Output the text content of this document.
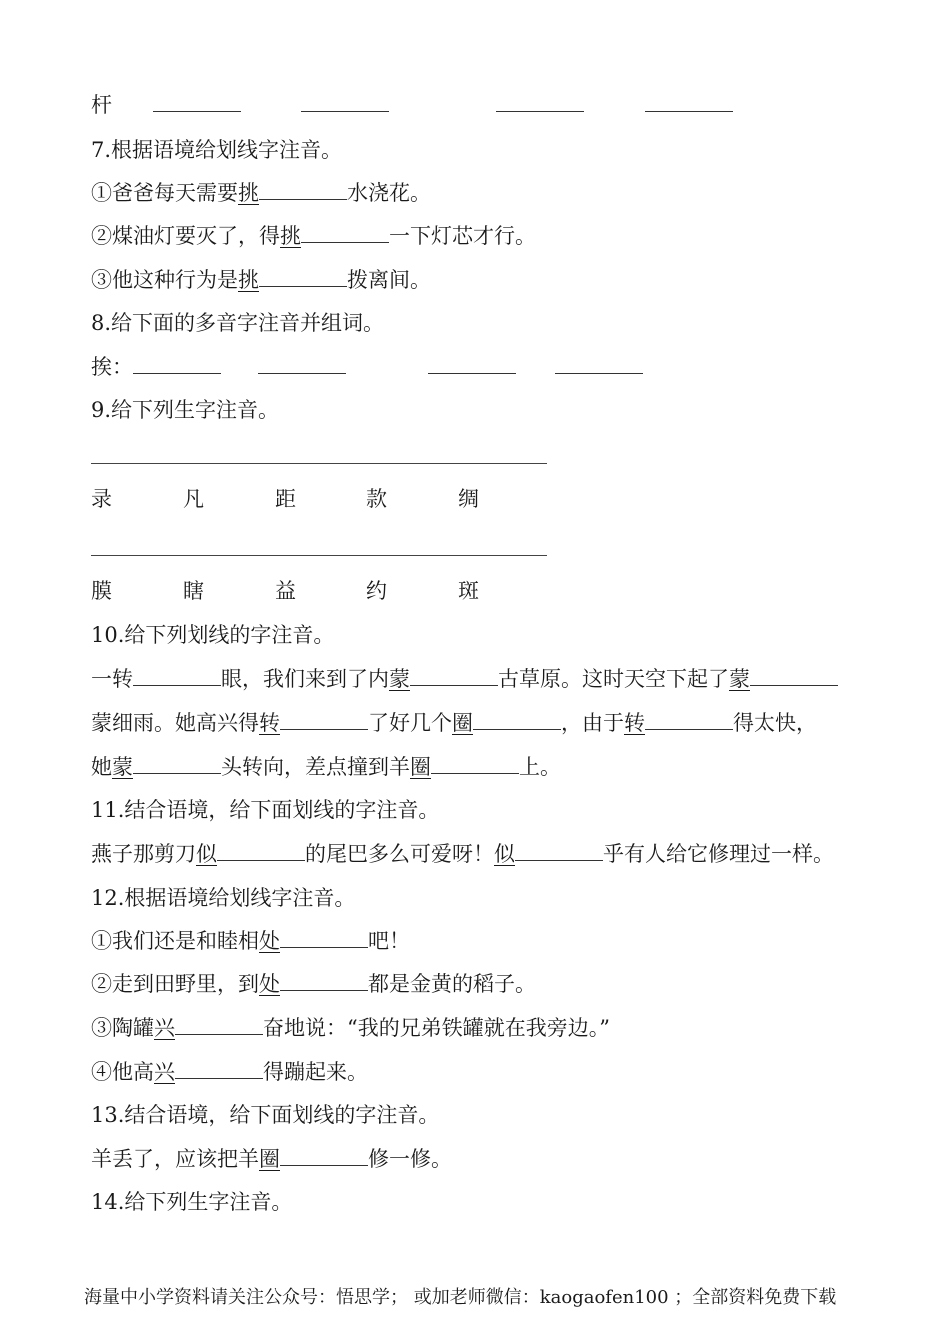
杆
7.根据语境给划线字注音。
①爸爸每天需要挑	水浇花。
②煤油灯要灭了，得挑	一下灯芯才行。
③他这种行为是挑	拨离间。
8.给下面的多音字注音并组词。
挨：
9.给下列生字注音。
录	凡	距	款	绸
膜	瞎	益	约	斑
10.给下列划线的字注音。
一转	眼，我们来到了内蒙	古草原。这时天空下起了蒙
蒙细雨。她高兴得转	了好几个圈	，由于转	得太快，
她蒙	头转向，差点撞到羊圈	上。
11.结合语境，给下面划线的字注音。
燕子那剪刀似	的尾巴多么可爱呀！似	乎有人给它修理过一样。
12.根据语境给划线字注音。
①我们还是和睦相处	吧！
②走到田野里，到处	都是金黄的稻子。
③陶罐兴	奋地说：“我的兄弟铁罐就在我旁边。”
④他高兴	得蹦起来。
13.结合语境，给下面划线的字注音。
羊丢了，应该把羊圈	修一修。
14.给下列生字注音。
海量中小学资料请关注公众号：悟思学； 或加老师微信：kaogaofen100 ；全部资料免费下载
